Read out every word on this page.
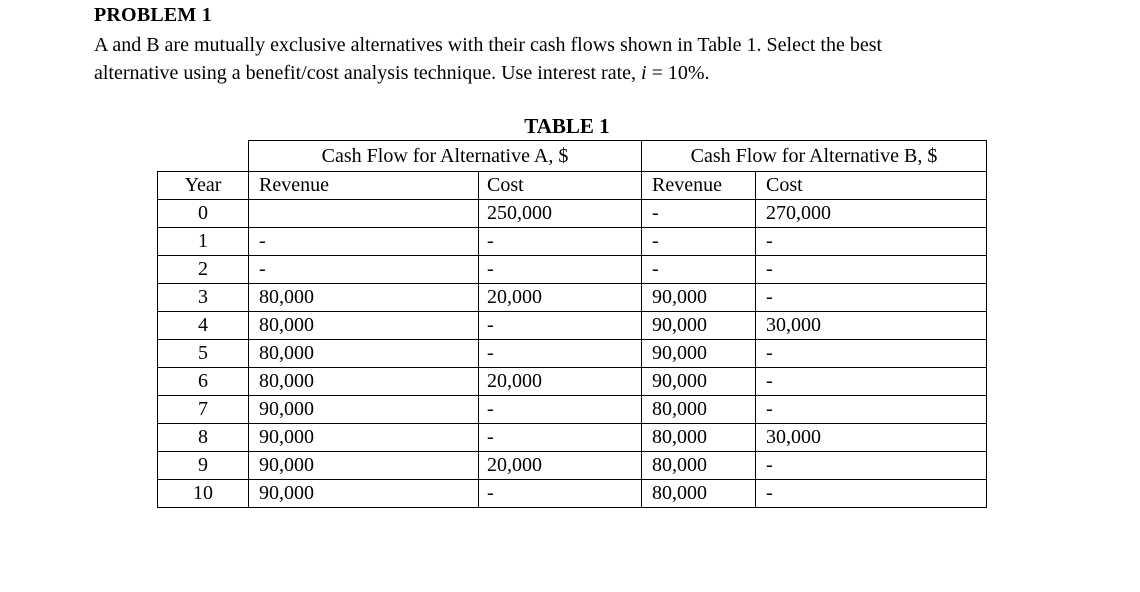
PROBLEM 1
A and B are mutually exclusive alternatives with their cash flows shown in Table 1. Select the best
alternative using a benefit/cost analysis technique. Use interest rate, i = 10%.
TABLE 1
	Cash Flow for Alternative A, $		Cash Flow for Alternative B, $	
Year	Revenue	Cost	Revenue	Cost
0		250,000	-	270,000
1	-	-	-	-
2	-	-	-	-
3	80,000	20,000	90,000	-
4	80,000	-	90,000	30,000
5	80,000	-	90,000	-
6	80,000	20,000	90,000	-
7	90,000	-	80,000	-
8	90,000	-	80,000	30,000
9	90,000	20,000	80,000	-
10	90,000	-	80,000	-
